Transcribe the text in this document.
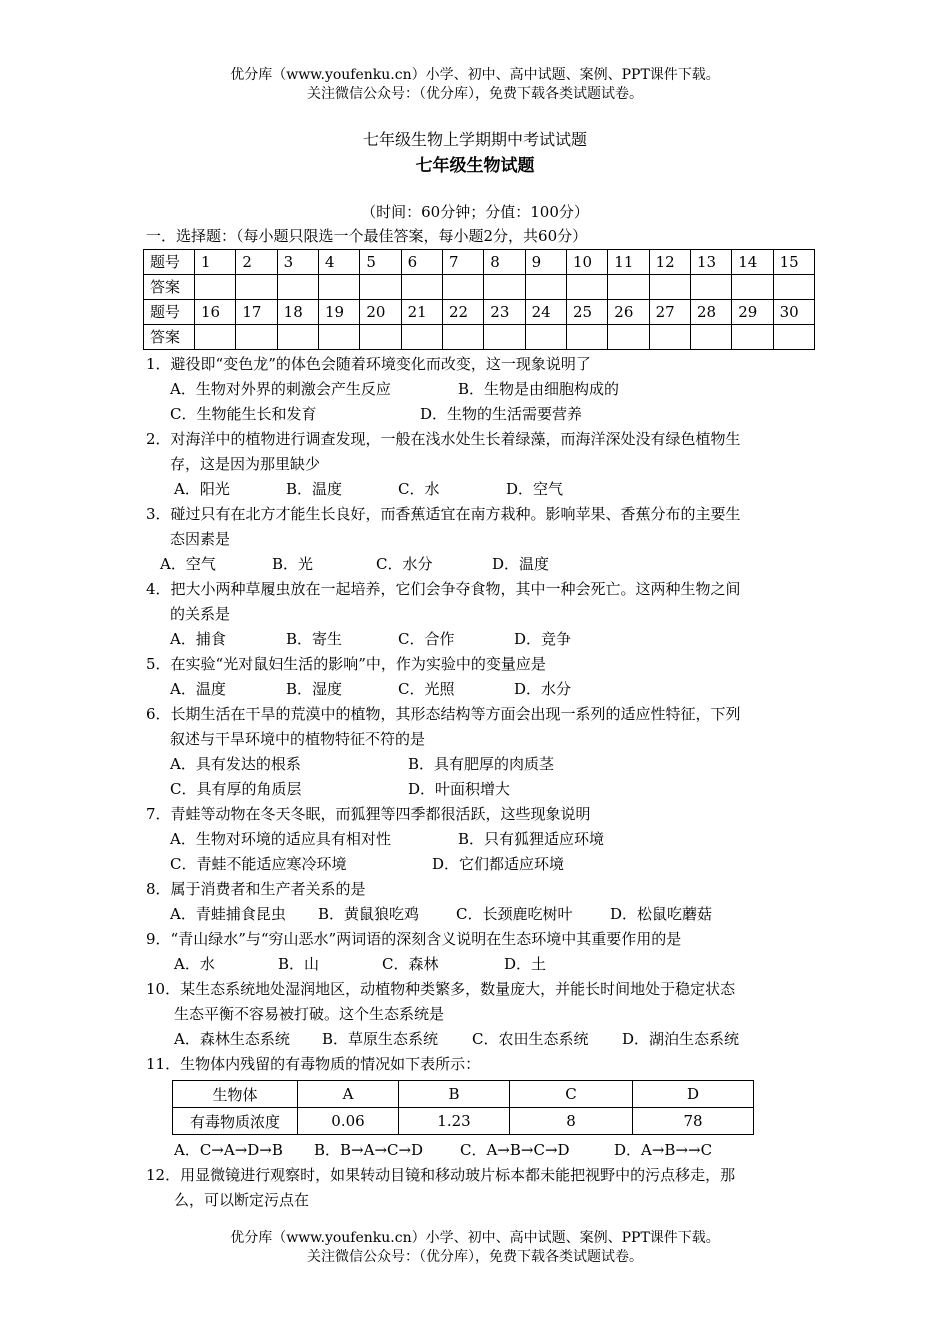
优分库（www.youfenku.cn）小学、初中、高中试题、案例、PPT课件下载。
关注微信公众号：（优分库），免费下载各类试题试卷。
七年级生物上学期期中考试试题
七年级生物试题
（时间：60分钟；分值：100分）
一．选择题：（每小题只限选一个最佳答案，每小题2分，共60分）
题号	1	2	3	4	5	6	7	8	9	10	11	12	13	14	15
答案															
题号	16	17	18	19	20	21	22	23	24	25	26	27	28	29	30
答案															
1．避役即“变色龙”的体色会随着环境变化而改变，这一现象说明了
A．生物对外界的刺激会产生反应	B．生物是由细胞构成的
C．生物能生长和发育	D．生物的生活需要营养
2．对海洋中的植物进行调查发现，一般在浅水处生长着绿藻，而海洋深处没有绿色植物生
存，这是因为那里缺少
A．阳光	B．温度	C．水	D．空气
3．碰过只有在北方才能生长良好，而香蕉适宜在南方栽种。影响苹果、香蕉分布的主要生
态因素是
A．空气	B．光	C．水分	D．温度
4．把大小两种草履虫放在一起培养，它们会争夺食物，其中一种会死亡。这两种生物之间
的关系是
A．捕食	B．寄生	C．合作	D．竞争
5．在实验“光对鼠妇生活的影响”中，作为实验中的变量应是
A．温度	B．湿度	C．光照	D．水分
6．长期生活在干旱的荒漠中的植物，其形态结构等方面会出现一系列的适应性特征，下列
叙述与干旱环境中的植物特征不符的是
A．具有发达的根系	B．具有肥厚的肉质茎
C．具有厚的角质层	D．叶面积增大
7．青蛙等动物在冬天冬眠，而狐狸等四季都很活跃，这些现象说明
A．生物对环境的适应具有相对性	B．只有狐狸适应环境
C．青蛙不能适应寒冷环境	D．它们都适应环境
8．属于消费者和生产者关系的是
A．青蛙捕食昆虫 B．黄鼠狼吃鸡 C．长颈鹿吃树叶	D．松鼠吃蘑菇
9．“青山绿水”与“穷山恶水”两词语的深刻含义说明在生态环境中其重要作用的是
A．水	B．山	C．森林	D．土
10．某生态系统地处湿润地区，动植物种类繁多，数量庞大，并能长时间地处于稳定状态
生态平衡不容易被打破。这个生态系统是
A．森林生态系统 B．草原生态系统 C．农田生态系统 D．湖泊生态系统
11．生物体内残留的有毒物质的情况如下表所示：
生物体	A	B	C	D
有毒物质浓度	0.06	1.23	8	78
A．C→A→D→B B．B→A→C→D C．A→B→C→D	D．A→B→→C
12．用显微镜进行观察时，如果转动目镜和移动玻片标本都未能把视野中的污点移走，那
么，可以断定污点在
优分库（www.youfenku.cn）小学、初中、高中试题、案例、PPT课件下载。
关注微信公众号：（优分库），免费下载各类试题试卷。
